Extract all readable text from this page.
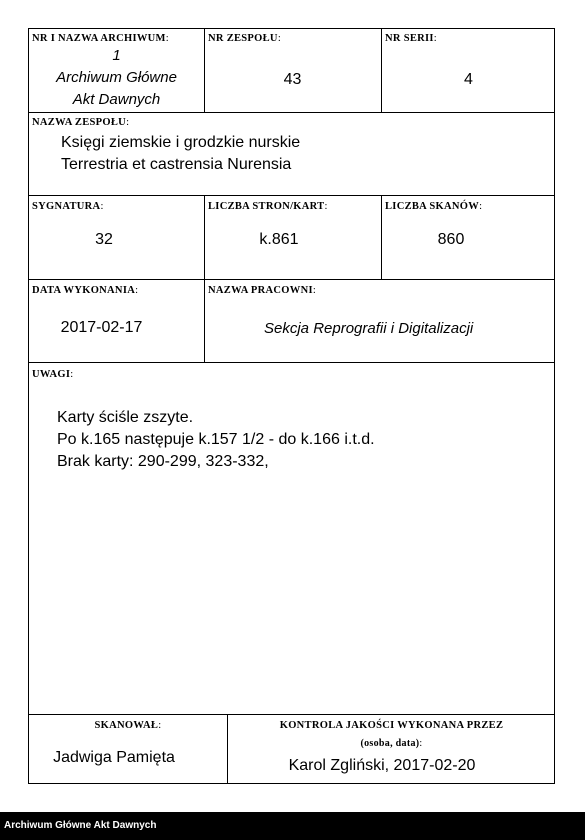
NR I NAZWA ARCHIWUM:
1
Archiwum Główne
Akt Dawnych
NR ZESPOŁU:
43
NR SERII:
4
NAZWA ZESPOŁU:
Księgi ziemskie i grodzkie nurskie
Terrestria et castrensia Nurensia
SYGNATURA:
32
LICZBA STRON/KART:
k.861
LICZBA SKANÓW:
860
DATA WYKONANIA:
2017-02-17
NAZWA PRACOWNI:
Sekcja Reprografii i Digitalizacji
UWAGI:
Karty ściśle zszyte.
Po k.165 następuje k.157 1/2 - do k.166 i.t.d.
Brak karty: 290-299, 323-332,
SKANOWAŁ:
Jadwiga Pamięta
KONTROLA JAKOŚCI WYKONANA PRZEZ
(osoba, data):
Karol Zgliński, 2017-02-20
Archiwum Główne Akt Dawnych
